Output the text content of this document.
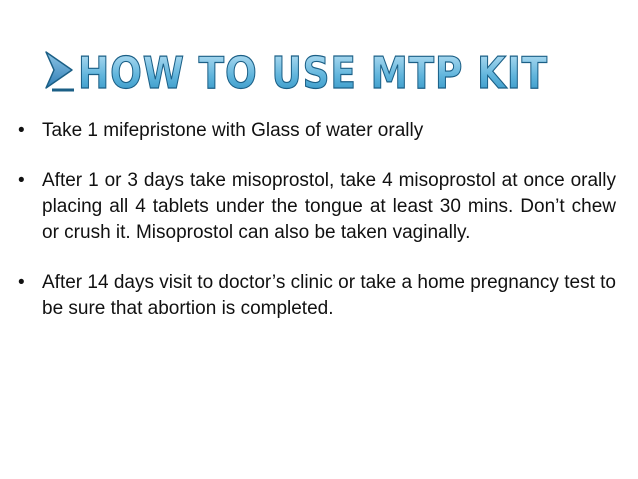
HOW TO USE MTP KIT
• Take 1 mifepristone with Glass of water orally
• After 1 or 3 days take misoprostol, take 4 misoprostol at once orally placing all 4 tablets under the tongue at least 30 mins. Don’t chew or crush it. Misoprostol can also be taken vaginally.
• After 14 days visit to doctor’s clinic or take a home pregnancy test to be sure that abortion is completed.
